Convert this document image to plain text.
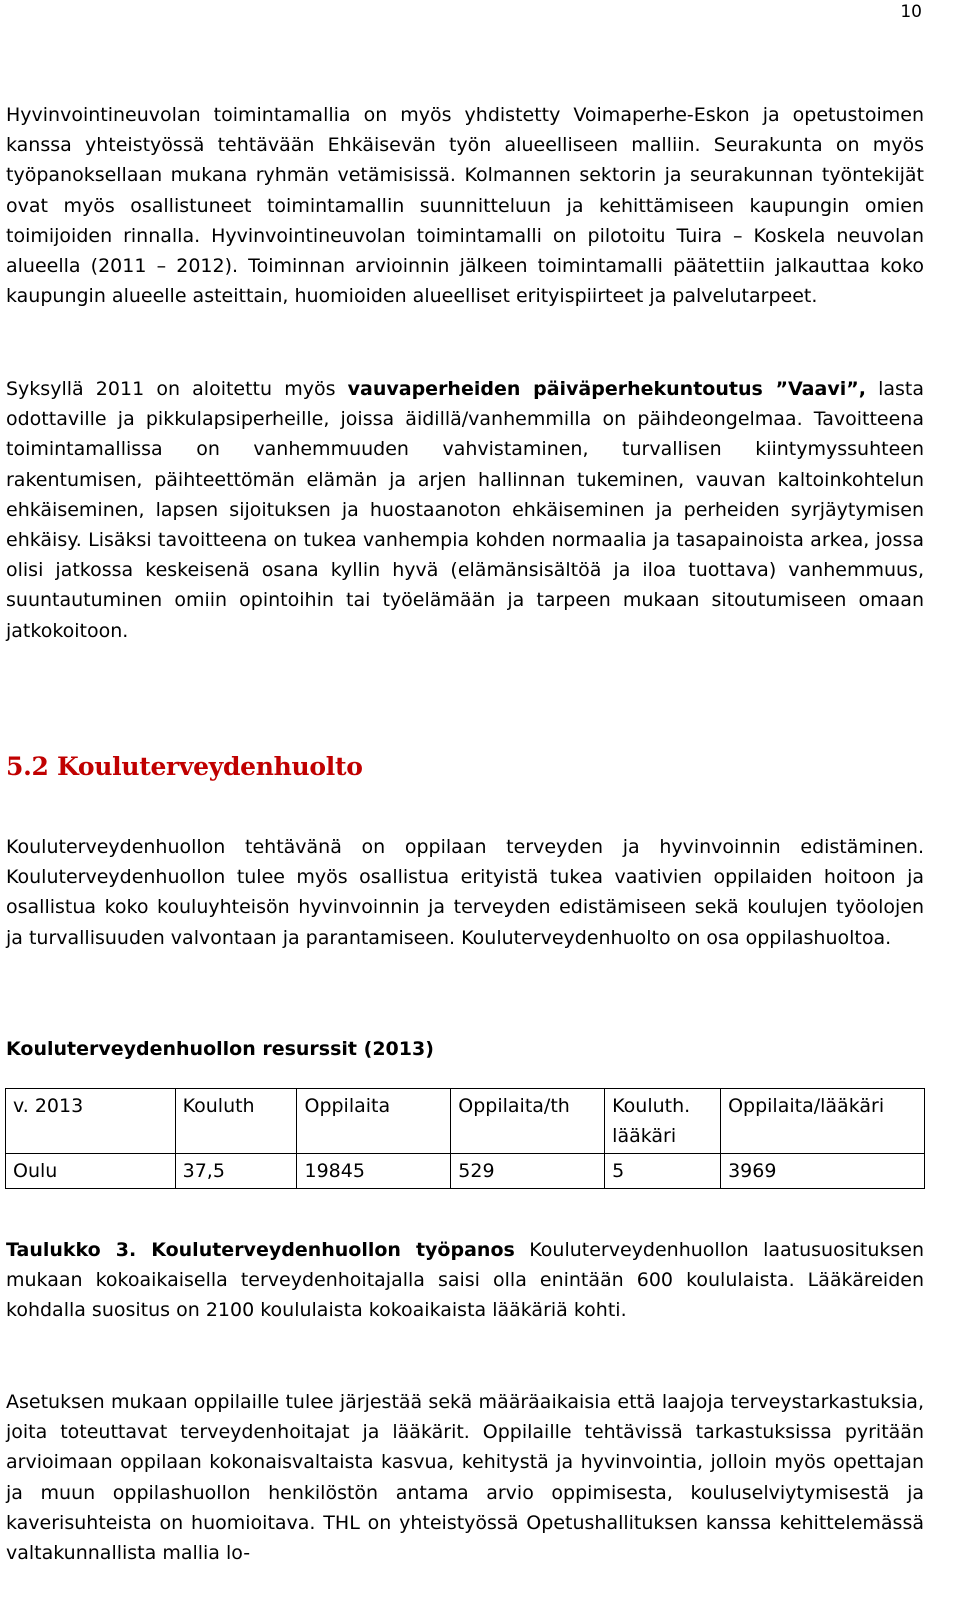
10

Hyvinvointineuvolan toimintamallia on myös yhdistetty Voimaperhe-Eskon ja opetustoimen kanssa yhteistyössä tehtävään Ehkäisevän työn alueelliseen malliin. Seurakunta on myös työpanoksellaan mukana ryhmän vetämisissä. Kolmannen sektorin ja seurakunnan työntekijät ovat myös osallistuneet toimintamallin suunnitteluun ja kehittämiseen kaupungin omien toimijoiden rinnalla. Hyvinvointineuvolan toimintamalli on pilotoitu Tuira – Koskela neuvolan alueella (2011 – 2012). Toiminnan arvioinnin jälkeen toimintamalli päätettiin jalkauttaa koko kaupungin alueelle asteittain, huomioiden alueelliset erityispiirteet ja palvelutarpeet.

Syksyllä 2011 on aloitettu myös vauvaperheiden päiväperhekuntoutus ”Vaavi”, lasta odottaville ja pikkulapsiperheille, joissa äidillä/vanhemmilla on päihdeongelmaa. Tavoitteena toimintamallissa on vanhemmuuden vahvistaminen, turvallisen kiintymyssuhteen rakentumisen, päihteettömän elämän ja arjen hallinnan tukeminen, vauvan kaltoinkohtelun ehkäiseminen, lapsen sijoituksen ja huostaanoton ehkäiseminen ja perheiden syrjäytymisen ehkäisy. Lisäksi tavoitteena on tukea vanhempia kohden normaalia ja tasapainoista arkea, jossa olisi jatkossa keskeisenä osana kyllin hyvä (elämänsisältöä ja iloa tuottava) vanhemmuus, suuntautuminen omiin opintoihin tai työelämään ja tarpeen mukaan sitoutumiseen omaan jatkokoitoon.

5.2 Kouluterveydenhuolto

Kouluterveydenhuollon tehtävänä on oppilaan terveyden ja hyvinvoinnin edistäminen. Kouluterveydenhuollon tulee myös osallistua erityistä tukea vaativien oppilaiden hoitoon ja osallistua koko kouluyhteisön hyvinvoinnin ja terveyden edistämiseen sekä koulujen työolojen ja turvallisuuden valvontaan ja parantamiseen. Kouluterveydenhuolto on osa oppilashuoltoa.

Kouluterveydenhuollon resurssit (2013)
v. 2013	Kouluth	Oppilaita	Oppilaita/th	Kouluth. lääkäri	Oppilaita/lääkäri
Oulu	37,5	19845	529	5	3969

Taulukko 3. Kouluterveydenhuollon työpanos Kouluterveydenhuollon laatusuosituksen mukaan kokoaikaisella terveydenhoitajalla saisi olla enintään 600 koululaista. Lääkäreiden kohdalla suositus on 2100 koululaista kokoaikaista lääkäriä kohti.

Asetuksen mukaan oppilaille tulee järjestää sekä määräaikaisia että laajoja terveystarkastuksia, joita toteuttavat terveydenhoitajat ja lääkärit. Oppilaille tehtävissä tarkastuksissa pyritään arvioimaan oppilaan kokonaisvaltaista kasvua, kehitystä ja hyvinvointia, jolloin myös opettajan ja muun oppilashuollon henkilöstön antama arvio oppimisesta, kouluselviytymisestä ja kaverisuhteista on huomioitava. THL on yhteistyössä Opetushallituksen kanssa kehittelemässä valtakunnallista mallia lo-
